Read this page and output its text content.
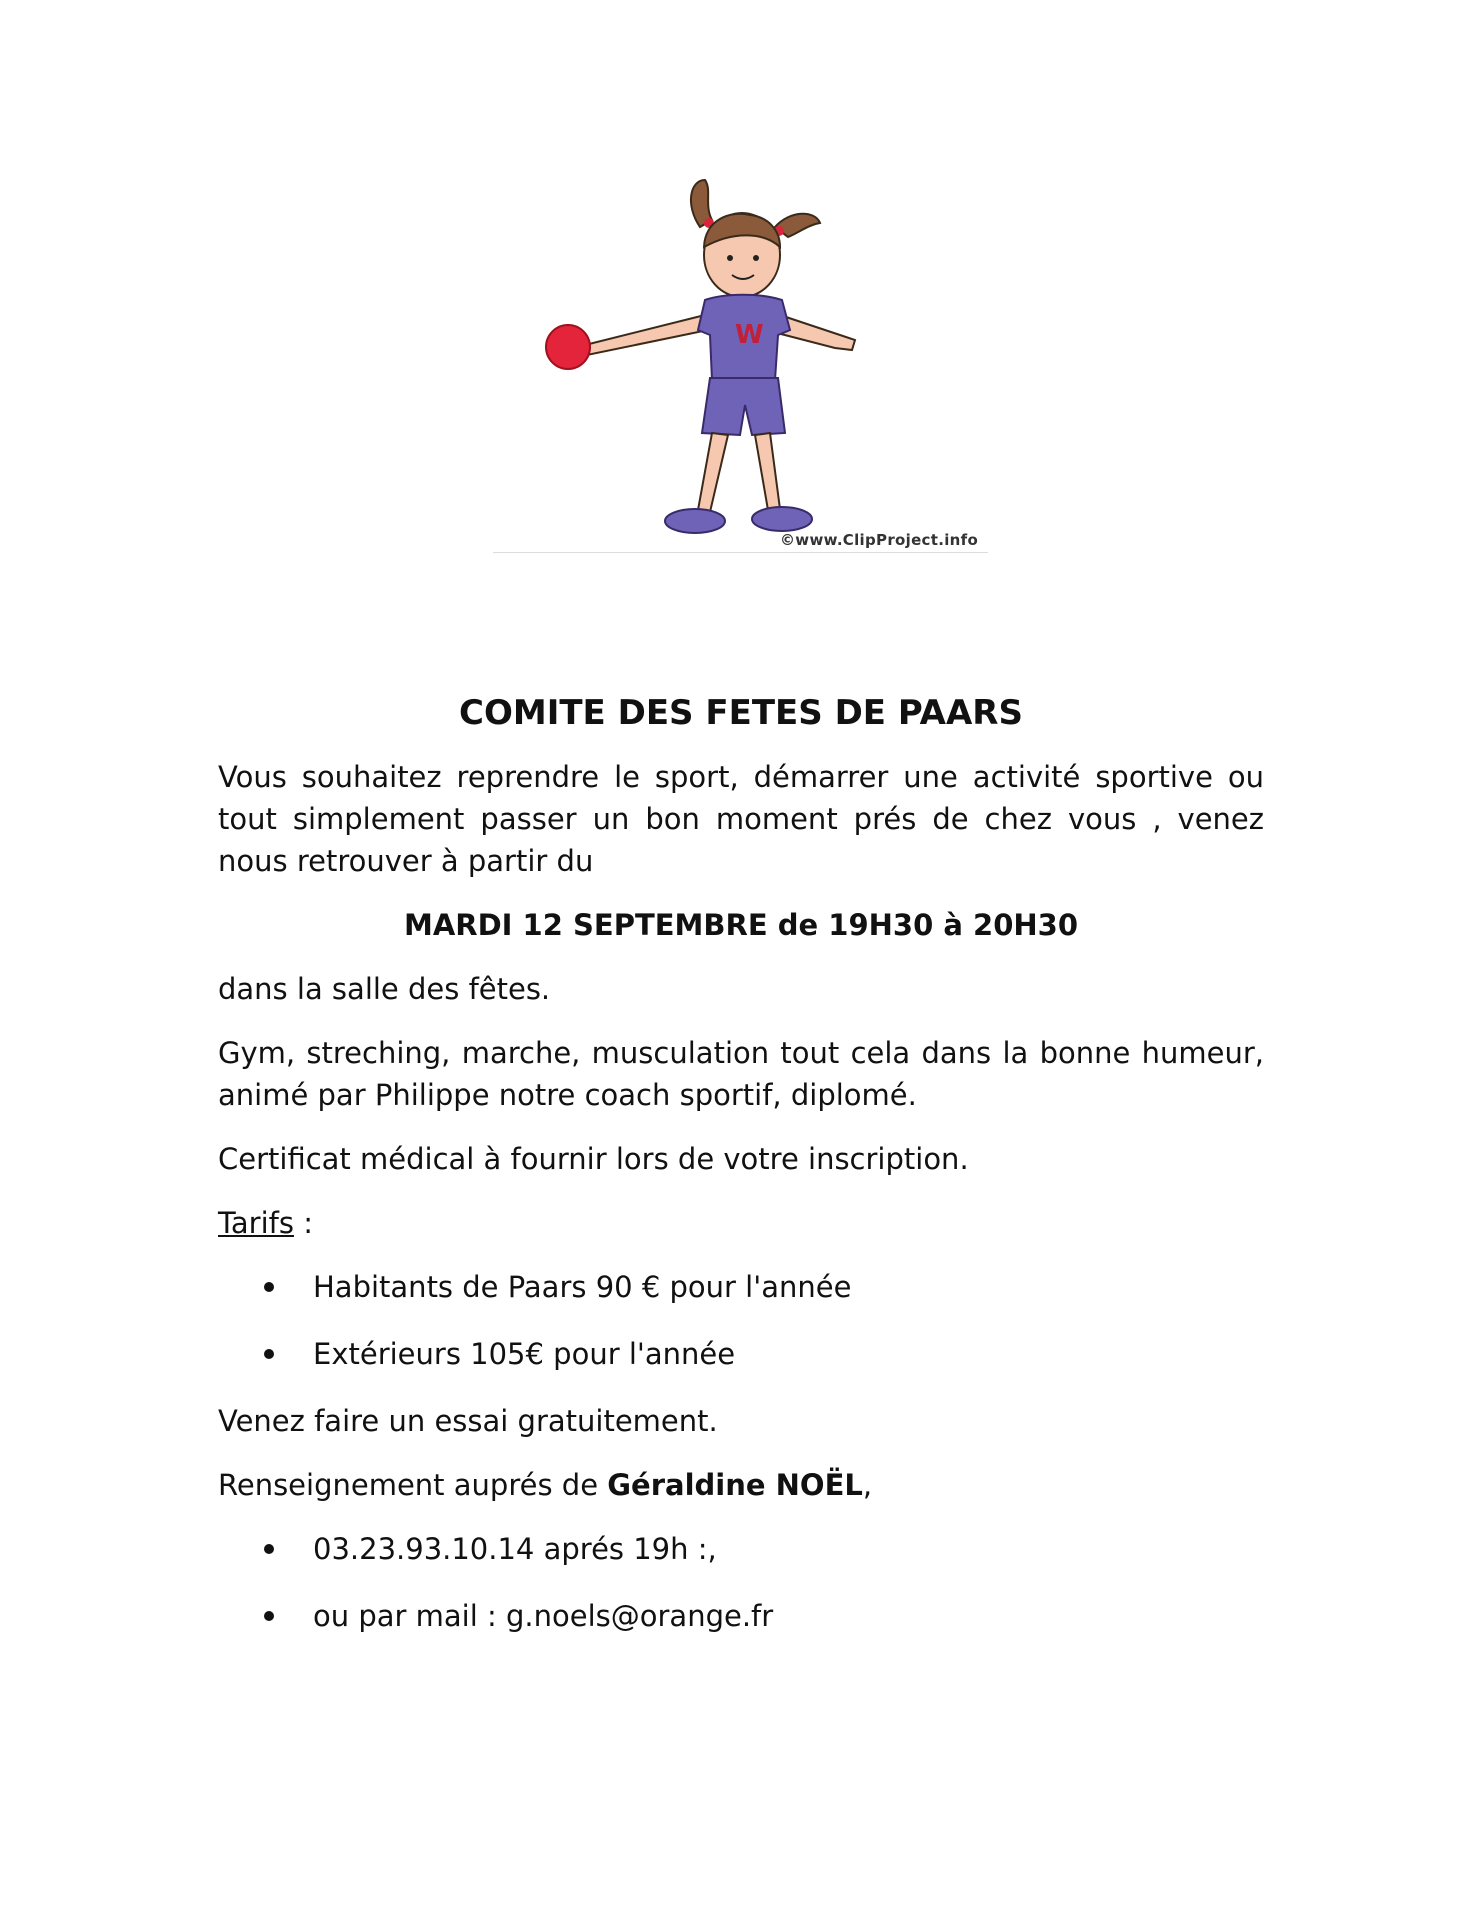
W
©www.ClipProject.info
COMITE DES FETES DE PAARS

Vous souhaitez reprendre le sport, démarrer une activité sportive ou tout simplement passer un bon moment prés de chez vous , venez nous retrouver à partir du

MARDI 12 SEPTEMBRE de 19H30 à 20H30

dans la salle des fêtes.

Gym, streching, marche, musculation tout cela dans la bonne humeur, animé par Philippe notre coach sportif, diplomé.

Certificat médical à fournir lors de votre inscription.

Tarifs :

Habitants de Paars 90 € pour l'année
Extérieurs 105€ pour l'année

Venez faire un essai gratuitement.

Renseignement auprés de Géraldine NOËL,

03.23.93.10.14 aprés 19h :,
ou par mail : g.noels@orange.fr
